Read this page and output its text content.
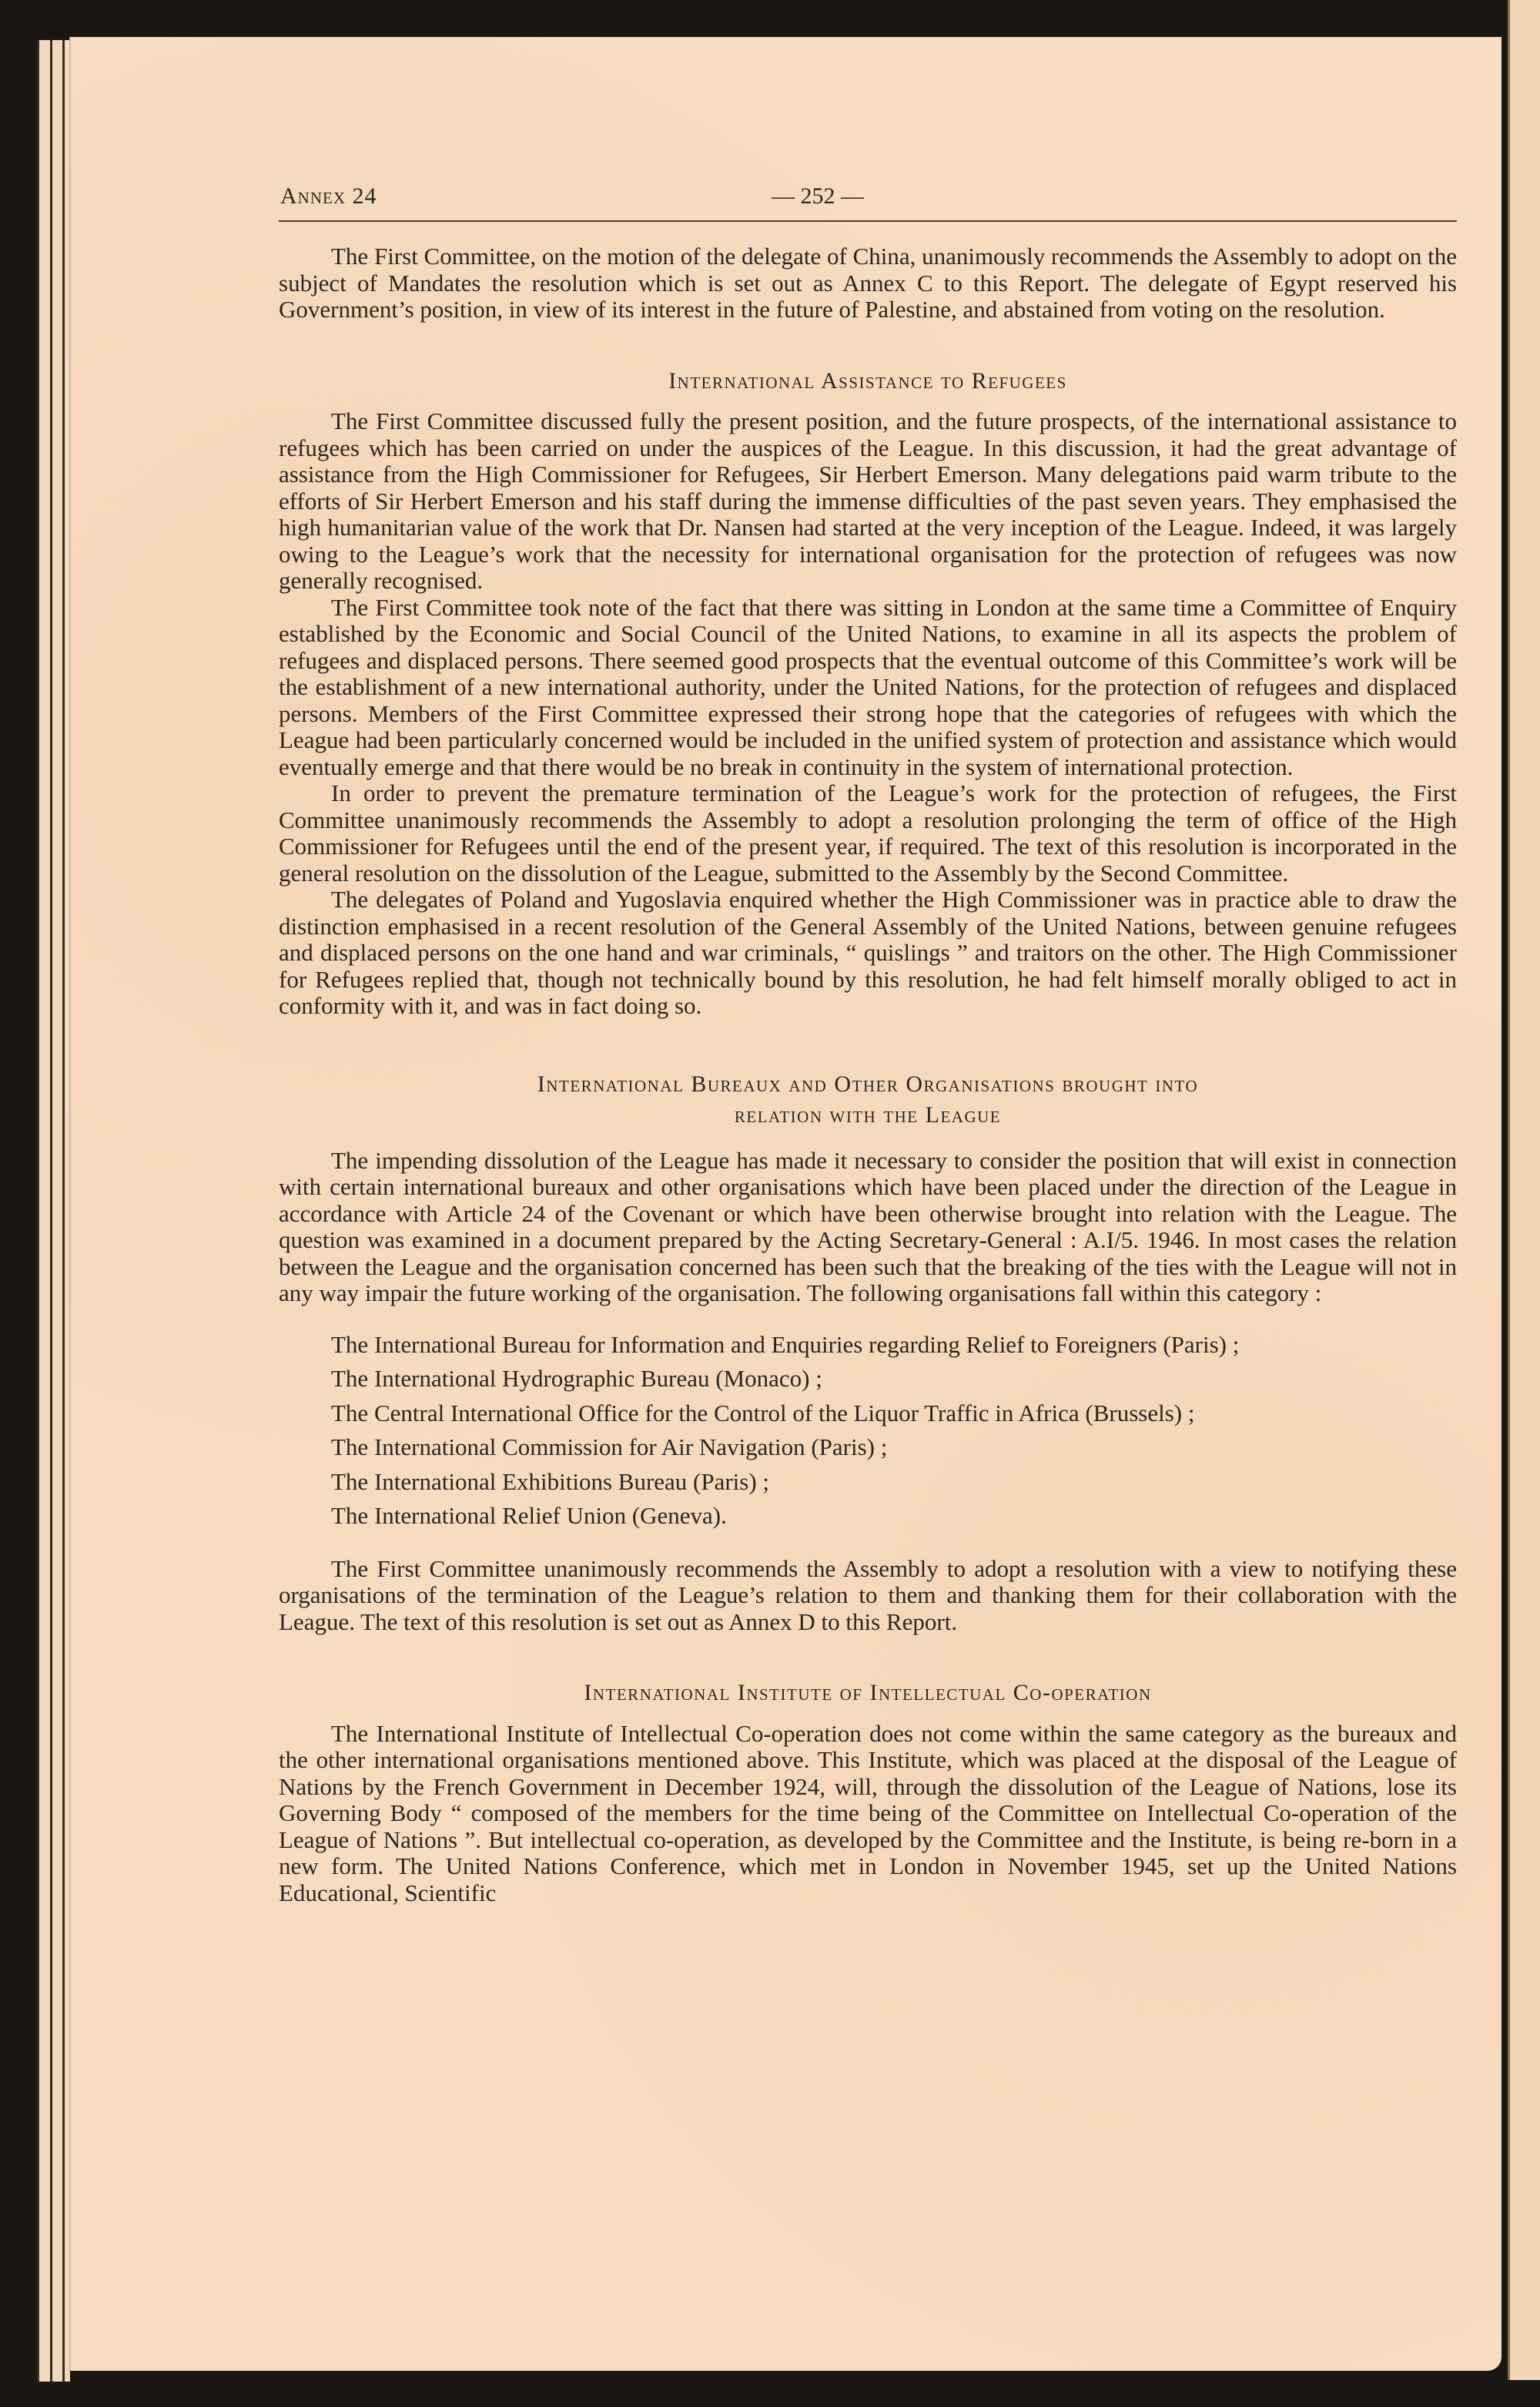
Annex 24	— 252 —

The First Committee, on the motion of the delegate of China, unanimously recommends the Assembly to adopt on the subject of Mandates the resolution which is set out as Annex C to this Report. The delegate of Egypt reserved his Government’s position, in view of its interest in the future of Palestine, and abstained from voting on the resolution.

International Assistance to Refugees

The First Committee discussed fully the present position, and the future prospects, of the international assistance to refugees which has been carried on under the auspices of the League. In this discussion, it had the great advantage of assistance from the High Commissioner for Refugees, Sir Herbert Emerson. Many delegations paid warm tribute to the efforts of Sir Herbert Emerson and his staff during the immense difficulties of the past seven years. They emphasised the high humanitarian value of the work that Dr. Nansen had started at the very inception of the League. Indeed, it was largely owing to the League’s work that the necessity for international organisation for the protection of refugees was now generally recognised.

The First Committee took note of the fact that there was sitting in London at the same time a Committee of Enquiry established by the Economic and Social Council of the United Nations, to examine in all its aspects the problem of refugees and displaced persons. There seemed good prospects that the eventual outcome of this Committee’s work will be the establishment of a new international authority, under the United Nations, for the protection of refugees and displaced persons. Members of the First Committee expressed their strong hope that the categories of refugees with which the League had been particularly concerned would be included in the unified system of protection and assistance which would eventually emerge and that there would be no break in continuity in the system of international protection.

In order to prevent the premature termination of the League’s work for the protection of refugees, the First Committee unanimously recommends the Assembly to adopt a resolution prolonging the term of office of the High Commissioner for Refugees until the end of the present year, if required. The text of this resolution is incorporated in the general resolution on the dissolution of the League, submitted to the Assembly by the Second Committee.

The delegates of Poland and Yugoslavia enquired whether the High Commissioner was in practice able to draw the distinction emphasised in a recent resolution of the General Assembly of the United Nations, between genuine refugees and displaced persons on the one hand and war criminals, “ quislings ” and traitors on the other. The High Commissioner for Refugees replied that, though not technically bound by this resolution, he had felt himself morally obliged to act in conformity with it, and was in fact doing so.

International Bureaux and Other Organisations brought into
relation with the League

The impending dissolution of the League has made it necessary to consider the position that will exist in connection with certain international bureaux and other organisations which have been placed under the direction of the League in accordance with Article 24 of the Covenant or which have been otherwise brought into relation with the League. The question was examined in a document prepared by the Acting Secretary-General : A.I/5. 1946. In most cases the relation between the League and the organisation concerned has been such that the breaking of the ties with the League will not in any way impair the future working of the organisation. The following organisations fall within this category :

The International Bureau for Information and Enquiries regarding Relief to Foreigners (Paris) ;
The International Hydrographic Bureau (Monaco) ;
The Central International Office for the Control of the Liquor Traffic in Africa (Brussels) ;
The International Commission for Air Navigation (Paris) ;
The International Exhibitions Bureau (Paris) ;
The International Relief Union (Geneva).

The First Committee unanimously recommends the Assembly to adopt a resolution with a view to notifying these organisations of the termination of the League’s relation to them and thanking them for their collaboration with the League. The text of this resolution is set out as Annex D to this Report.

International Institute of Intellectual Co-operation

The International Institute of Intellectual Co-operation does not come within the same category as the bureaux and the other international organisations mentioned above. This Institute, which was placed at the disposal of the League of Nations by the French Government in December 1924, will, through the dissolution of the League of Nations, lose its Governing Body “ composed of the members for the time being of the Committee on Intellectual Co-operation of the League of Nations ”. But intellectual co-operation, as developed by the Committee and the Institute, is being re-born in a new form. The United Nations Conference, which met in London in November 1945, set up the United Nations Educational, Scientific
